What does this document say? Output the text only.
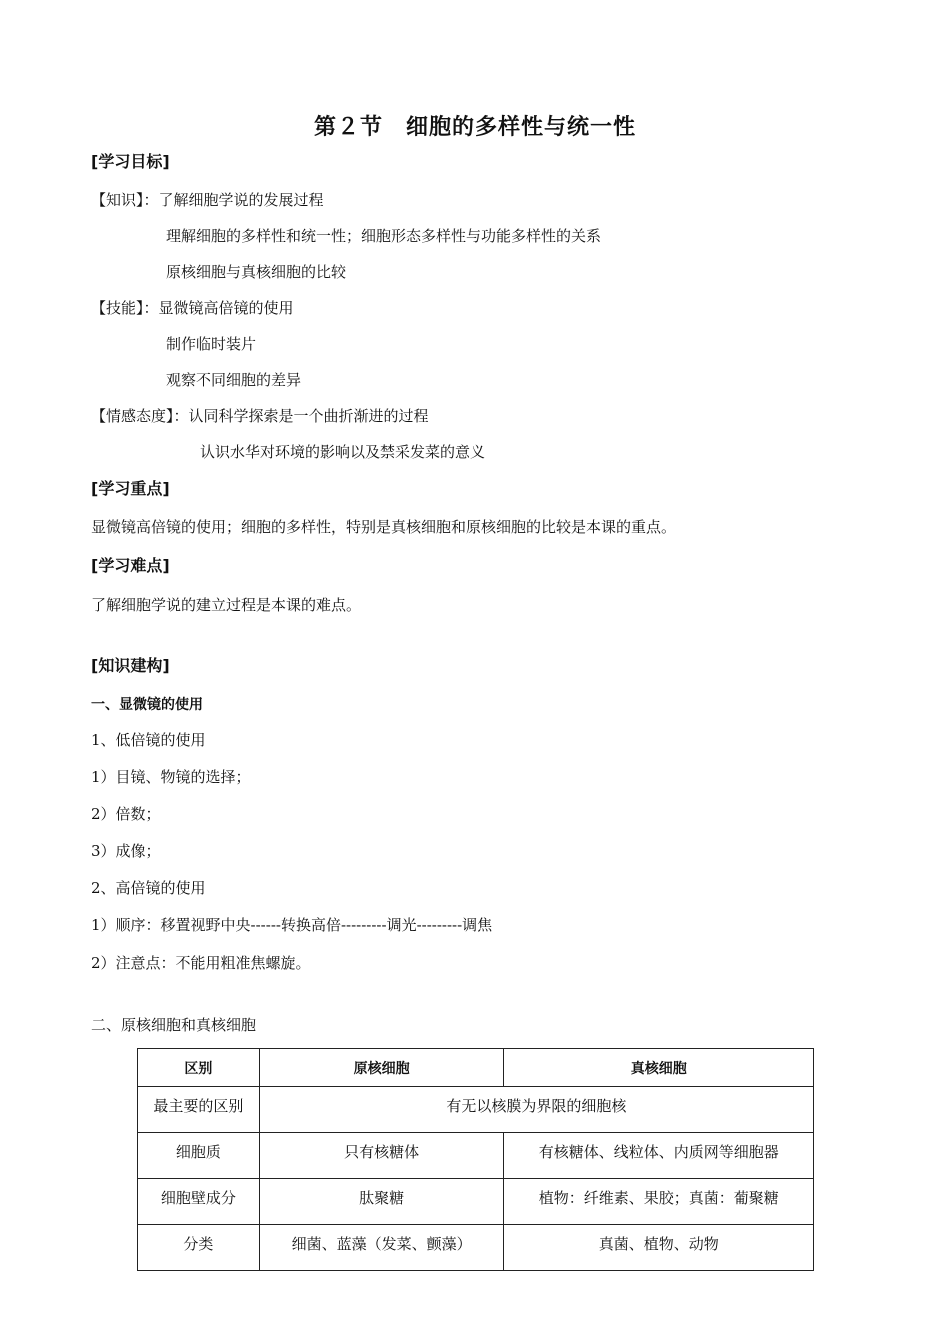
第２节　细胞的多样性与统一性
[学习目标]
【知识】：了解细胞学说的发展过程
理解细胞的多样性和统一性；细胞形态多样性与功能多样性的关系
原核细胞与真核细胞的比较
【技能】：显微镜高倍镜的使用
制作临时装片
观察不同细胞的差异
【情感态度】：认同科学探索是一个曲折渐进的过程
认识水华对环境的影响以及禁采发菜的意义
[学习重点]
显微镜高倍镜的使用；细胞的多样性，特别是真核细胞和原核细胞的比较是本课的重点。
[学习难点]
了解细胞学说的建立过程是本课的难点。
[知识建构]
一、显微镜的使用
1、低倍镜的使用
1）目镜、物镜的选择；
2）倍数；
3）成像；
2、高倍镜的使用
1）顺序：移置视野中央------转换高倍---------调光---------调焦
2）注意点：不能用粗准焦螺旋。
二、原核细胞和真核细胞
区别	原核细胞	真核细胞
最主要的区别	有无以核膜为界限的细胞核	
细胞质	只有核糖体	有核糖体、线粒体、内质网等细胞器
细胞壁成分	肽聚糖	植物：纤维素、果胶；真菌：葡聚糖
分类	细菌、蓝藻（发菜、颤藻）	真菌、植物、动物
